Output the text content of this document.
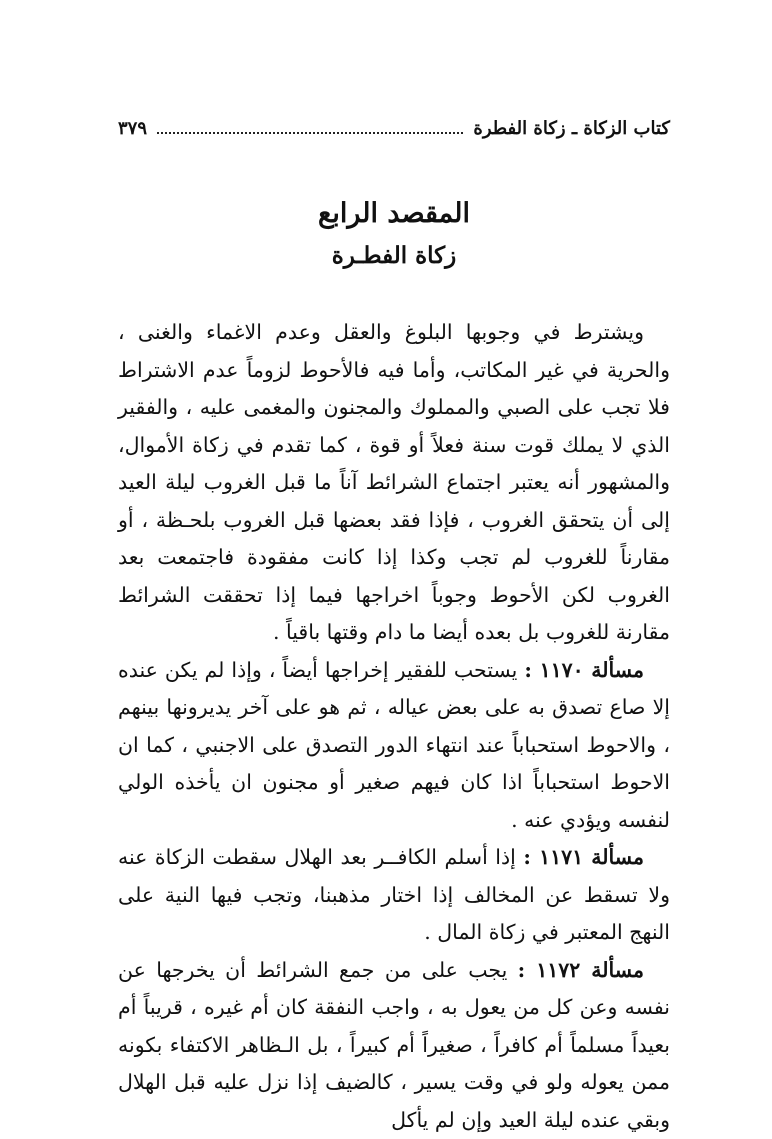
كتاب الزكاة ـ زكاة الفطرة
٣٧٩
المقصد الرابع
زكاة الفطـرة

ويشترط في وجوبها البلوغ والعقل وعدم الاغماء والغنى ، والحرية في غير المكاتب، وأما فيه فالأحوط لزوماً عدم الاشتراط فلا تجب على الصبي والمملوك والمجنون والمغمى عليه ، والفقير الذي لا يملك قوت سنة فعلاً أو قوة ، كما تقدم في زكاة الأموال، والمشهور أنه يعتبر اجتماع الشرائط آناً ما قبل الغروب ليلة العيد إلى أن يتحقق الغروب ، فإذا فقد بعضها قبل الغروب بلحـظة ، أو مقارناً للغروب لم تجب وكذا إذا كانت مفقودة فاجتمعت بعد الغروب لكن الأحوط وجوباً اخراجها فيما إذا تحققت الشرائط مقارنة للغروب بل بعده أيضا ما دام وقتها باقياً .

مسألة ١١٧٠ : يستحب للفقير إخراجها أيضاً ، وإذا لم يكن عنده إلا صاع تصدق به على بعض عياله ، ثم هو على آخر يديرونها بينهم ، والاحوط استحباباً عند انتهاء الدور التصدق على الاجنبي ، كما ان الاحوط استحباباً اذا كان فيهم صغير أو مجنون ان يأخذه الولي لنفسه ويؤدي عنه .

مسألة ١١٧١ : إذا أسلم الكافــر بعد الهلال سقطت الزكاة عنه ولا تسقط عن المخالف إذا اختار مذهبنا، وتجب فيها النية على النهج المعتبر في زكاة المال .

مسألة ١١٧٢ : يجب على من جمع الشرائط أن يخرجها عن نفسه وعن كل من يعول به ، واجب النفقة كان أم غيره ، قريباً أم بعيداً مسلماً أم كافراً ، صغيراً أم كبيراً ، بل الـظاهر الاكتفاء بكونه ممن يعوله ولو في وقت يسير ، كالضيف إذا نزل عليه قبل الهلال وبقي عنده ليلة العيد وإن لم يأكل
